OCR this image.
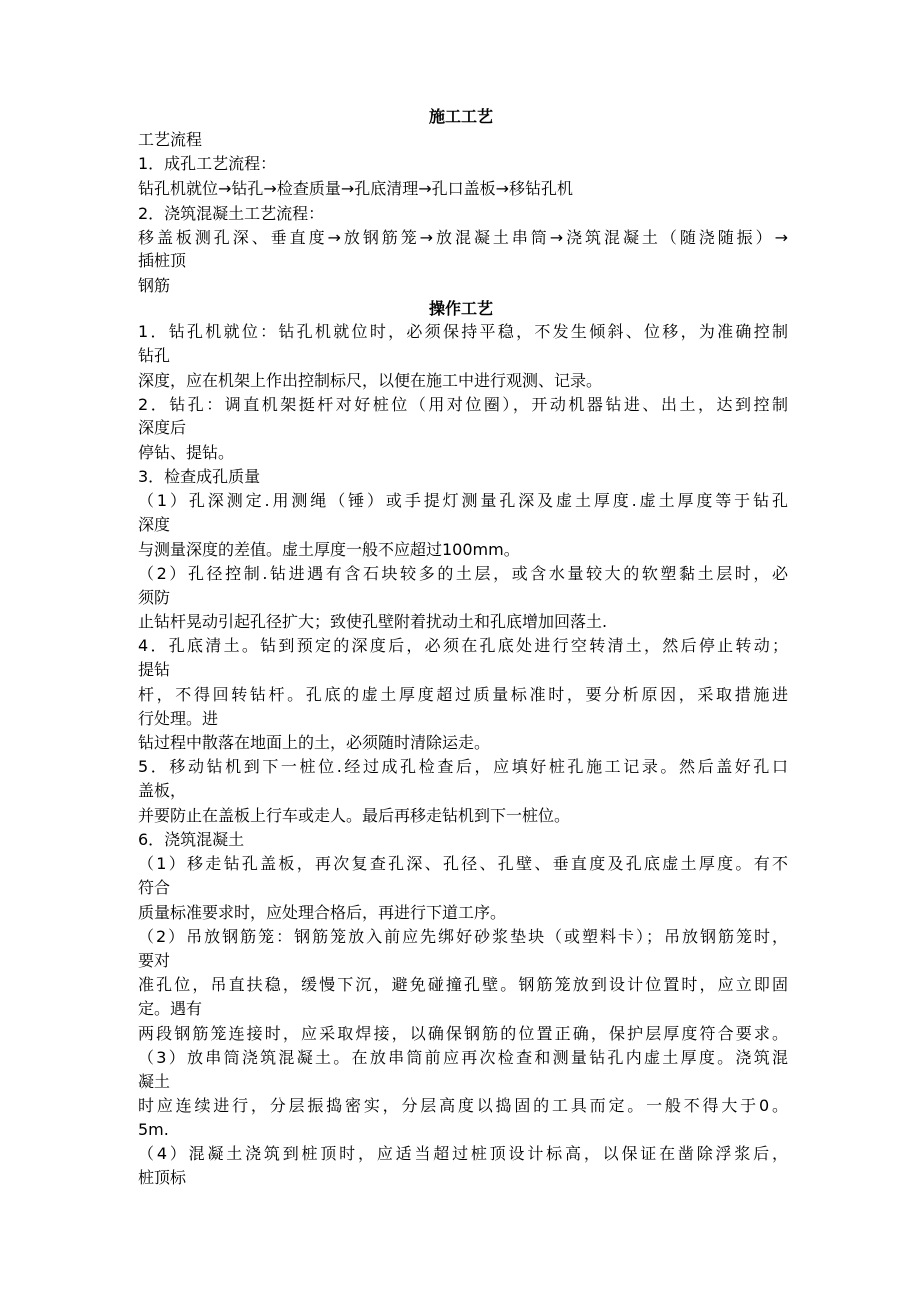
施工工艺
工艺流程
1．成孔工艺流程：
钻孔机就位→钻孔→检查质量→孔底清理→孔口盖板→移钻孔机
2．浇筑混凝土工艺流程：
移盖板测孔深、垂直度→放钢筋笼→放混凝土串筒→浇筑混凝土（随浇随振）→
插桩顶
钢筋
操作工艺
1．钻孔机就位：钻孔机就位时，必须保持平稳，不发生倾斜、位移，为准确控制
钻孔
深度，应在机架上作出控制标尺，以便在施工中进行观测、记录。
2．钻孔：调直机架挺杆对好桩位（用对位圈），开动机器钻进、出土，达到控制
深度后
停钻、提钻。
3．检查成孔质量
（1）孔深测定.用测绳（锤）或手提灯测量孔深及虚土厚度.虚土厚度等于钻孔
深度
与测量深度的差值。虚土厚度一般不应超过100mm。
（2）孔径控制.钻进遇有含石块较多的土层，或含水量较大的软塑黏土层时，必
须防
止钻杆晃动引起孔径扩大；致使孔壁附着扰动土和孔底增加回落土.
4．孔底清土。钻到预定的深度后，必须在孔底处进行空转清土，然后停止转动；
提钻
杆，不得回转钻杆。孔底的虚土厚度超过质量标准时，要分析原因，采取措施进
行处理。进
钻过程中散落在地面上的土，必须随时清除运走。
5．移动钻机到下一桩位.经过成孔检查后，应填好桩孔施工记录。然后盖好孔口
盖板，
并要防止在盖板上行车或走人。最后再移走钻机到下一桩位。
6．浇筑混凝土
（1）移走钻孔盖板，再次复查孔深、孔径、孔壁、垂直度及孔底虚土厚度。有不
符合
质量标准要求时，应处理合格后，再进行下道工序。
（2）吊放钢筋笼：钢筋笼放入前应先绑好砂浆垫块（或塑料卡）；吊放钢筋笼时，
要对
准孔位，吊直扶稳，缓慢下沉，避免碰撞孔壁。钢筋笼放到设计位置时，应立即固
定。遇有
两段钢筋笼连接时，应采取焊接，以确保钢筋的位置正确，保护层厚度符合要求。
（3）放串筒浇筑混凝土。在放串筒前应再次检查和测量钻孔内虚土厚度。浇筑混
凝土
时应连续进行，分层振捣密实，分层高度以捣固的工具而定。一般不得大于0。
5m.
（4）混凝土浇筑到桩顶时，应适当超过桩顶设计标高，以保证在凿除浮浆后，
桩顶标
